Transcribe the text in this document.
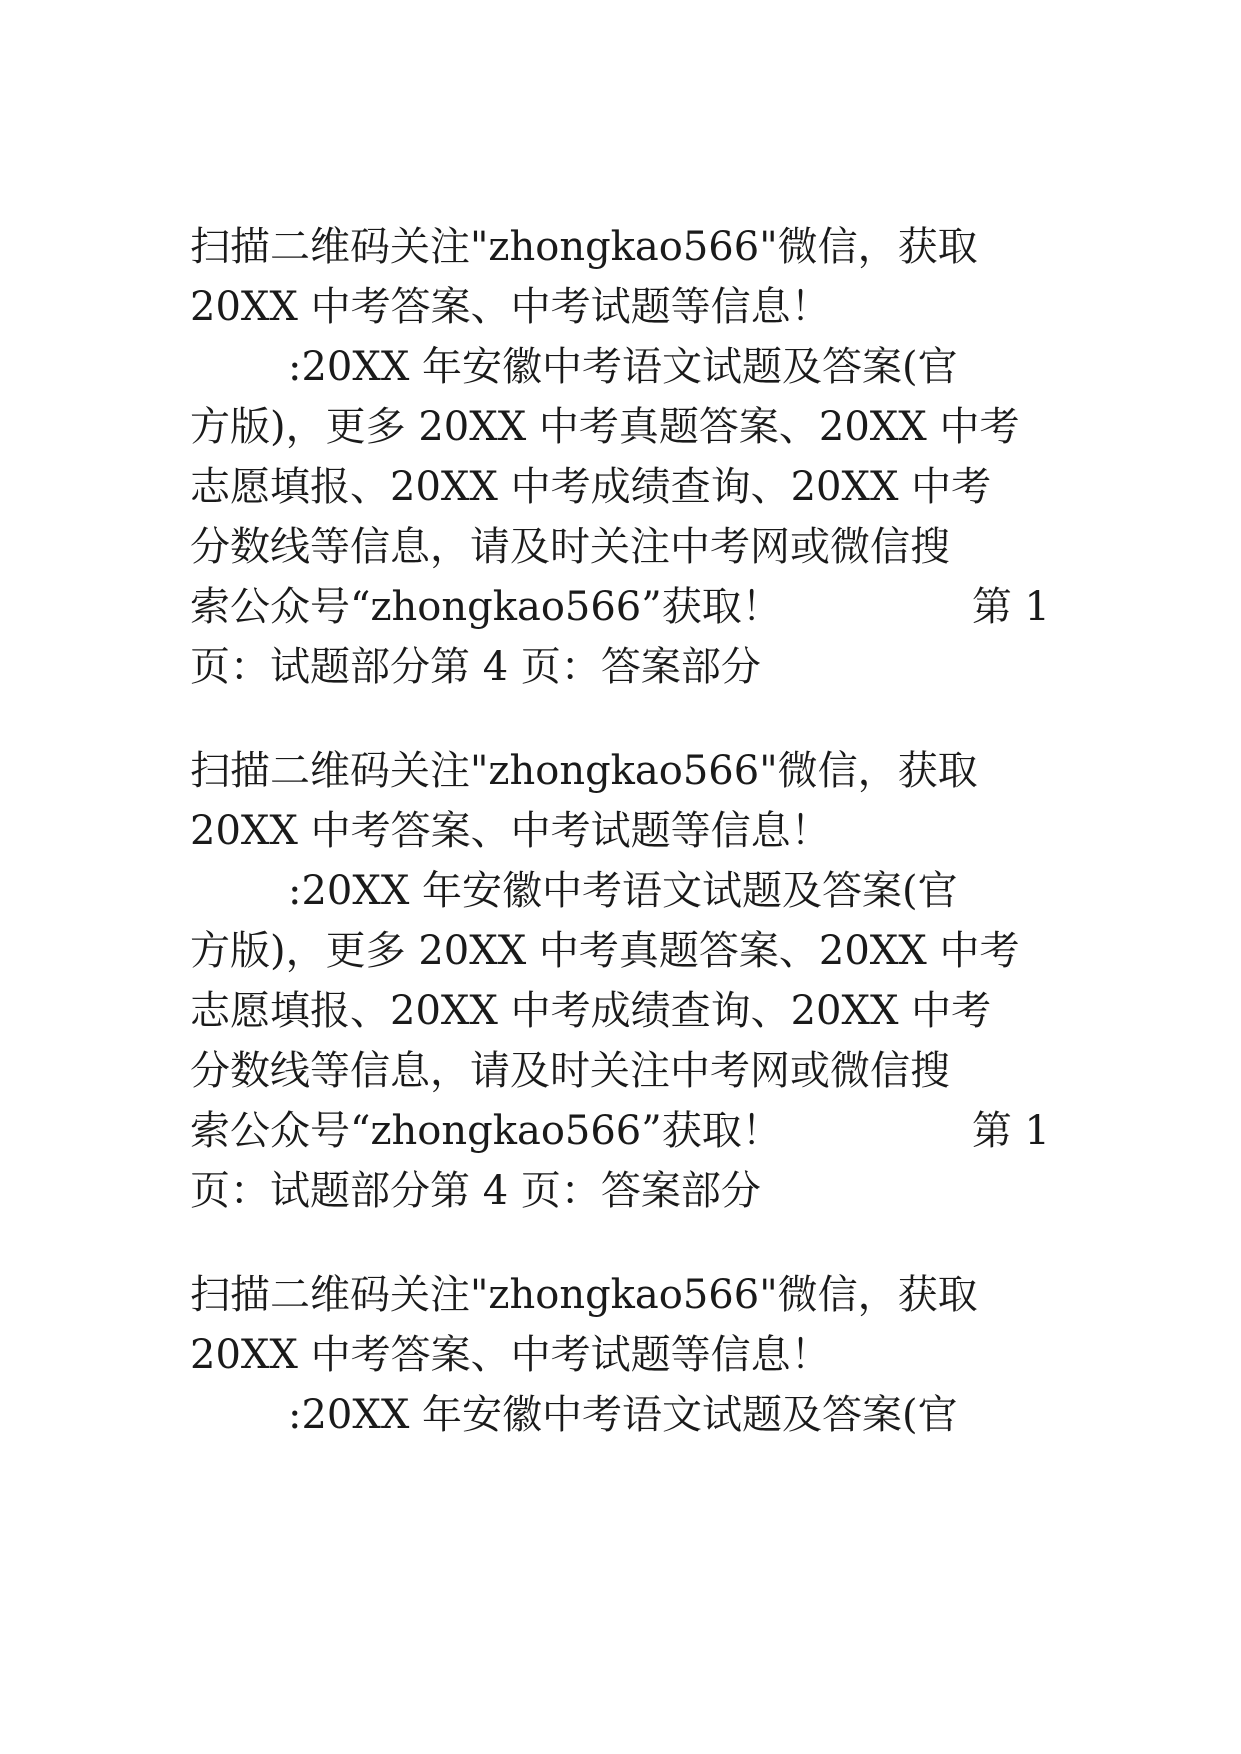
扫描二维码关注"zhongkao566"微信，获取
20XX 中考答案、中考试题等信息！
:20XX 年安徽中考语文试题及答案(官
方版)，更多 20XX 中考真题答案、20XX 中考
志愿填报、20XX 中考成绩查询、20XX 中考
分数线等信息，请及时关注中考网或微信搜
索公众号“zhongkao566”获取！	第 1
页：试题部分第 4 页：答案部分
扫描二维码关注"zhongkao566"微信，获取
20XX 中考答案、中考试题等信息！
:20XX 年安徽中考语文试题及答案(官
方版)，更多 20XX 中考真题答案、20XX 中考
志愿填报、20XX 中考成绩查询、20XX 中考
分数线等信息，请及时关注中考网或微信搜
索公众号“zhongkao566”获取！	第 1
页：试题部分第 4 页：答案部分
扫描二维码关注"zhongkao566"微信，获取
20XX 中考答案、中考试题等信息！
:20XX 年安徽中考语文试题及答案(官
